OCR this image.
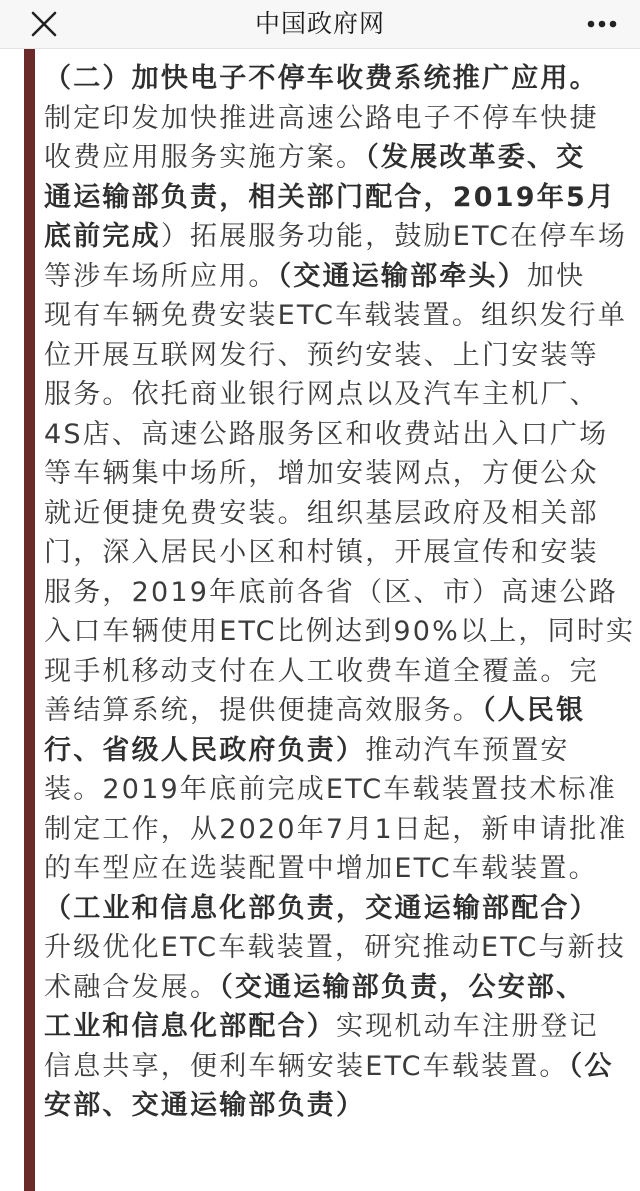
中国政府网
（二）加快电子不停车收费系统推广应用。
制定印发加快推进高速公路电子不停车快捷
收费应用服务实施方案。（发展改革委、交
通运输部负责，相关部门配合，2019年5月
底前完成）拓展服务功能，鼓励ETC在停车场
等涉车场所应用。（交通运输部牵头）加快
现有车辆免费安装ETC车载装置。组织发行单
位开展互联网发行、预约安装、上门安装等
服务。依托商业银行网点以及汽车主机厂、
4S店、高速公路服务区和收费站出入口广场
等车辆集中场所，增加安装网点，方便公众
就近便捷免费安装。组织基层政府及相关部
门，深入居民小区和村镇，开展宣传和安装
服务，2019年底前各省（区、市）高速公路
入口车辆使用ETC比例达到90%以上，同时实
现手机移动支付在人工收费车道全覆盖。完
善结算系统，提供便捷高效服务。（人民银
行、省级人民政府负责）推动汽车预置安
装。2019年底前完成ETC车载装置技术标准
制定工作，从2020年7月1日起，新申请批准
的车型应在选装配置中增加ETC车载装置。
（工业和信息化部负责，交通运输部配合）
升级优化ETC车载装置，研究推动ETC与新技
术融合发展。（交通运输部负责，公安部、
工业和信息化部配合）实现机动车注册登记
信息共享，便利车辆安装ETC车载装置。（公
安部、交通运输部负责）
